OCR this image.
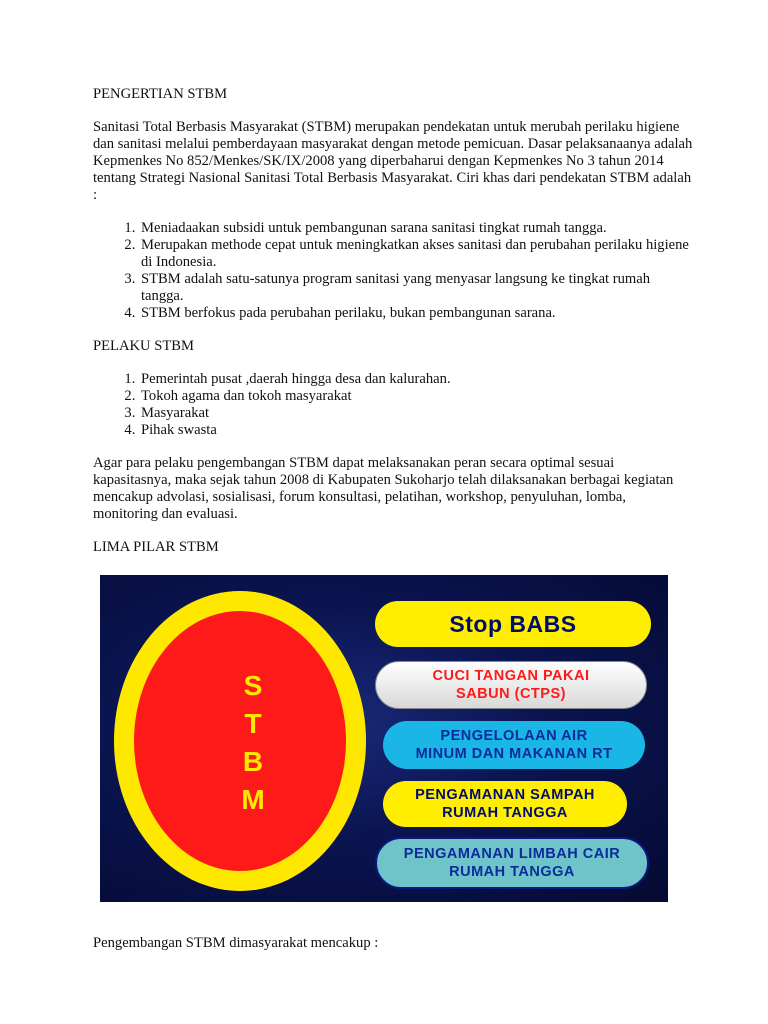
PENGERTIAN STBM

Sanitasi Total Berbasis Masyarakat (STBM) merupakan pendekatan untuk merubah perilaku higiene dan sanitasi melalui pemberdayaan masyarakat dengan metode pemicuan. Dasar pelaksanaanya adalah Kepmenkes No 852/Menkes/SK/IX/2008 yang diperbaharui dengan Kepmenkes No 3 tahun 2014 tentang Strategi Nasional Sanitasi Total Berbasis Masyarakat. Ciri khas dari pendekatan STBM adalah :

1. Meniadaakan subsidi untuk pembangunan sarana sanitasi tingkat rumah tangga.
2. Merupakan methode cepat untuk meningkatkan akses sanitasi dan perubahan perilaku higiene di Indonesia.
3. STBM adalah satu-satunya program sanitasi yang menyasar langsung ke tingkat rumah tangga.
4. STBM berfokus pada perubahan perilaku, bukan pembangunan sarana.

PELAKU STBM

1. Pemerintah pusat ,daerah hingga desa dan kalurahan.
2. Tokoh agama dan tokoh masyarakat
3. Masyarakat
4. Pihak swasta

Agar para pelaku pengembangan STBM dapat melaksanakan peran secara optimal sesuai kapasitasnya, maka sejak tahun 2008 di Kabupaten Sukoharjo telah dilaksanakan berbagai kegiatan mencakup advolasi, sosialisasi, forum konsultasi, pelatihan, workshop, penyuluhan, lomba, monitoring dan evaluasi.

LIMA PILAR STBM

S
T
B
M
Stop BABS
CUCI TANGAN PAKAI
SABUN (CTPS)
PENGELOLAAN AIR
MINUM DAN MAKANAN RT
PENGAMANAN SAMPAH
RUMAH TANGGA
PENGAMANAN LIMBAH CAIR
RUMAH TANGGA

Pengembangan STBM dimasyarakat mencakup :
